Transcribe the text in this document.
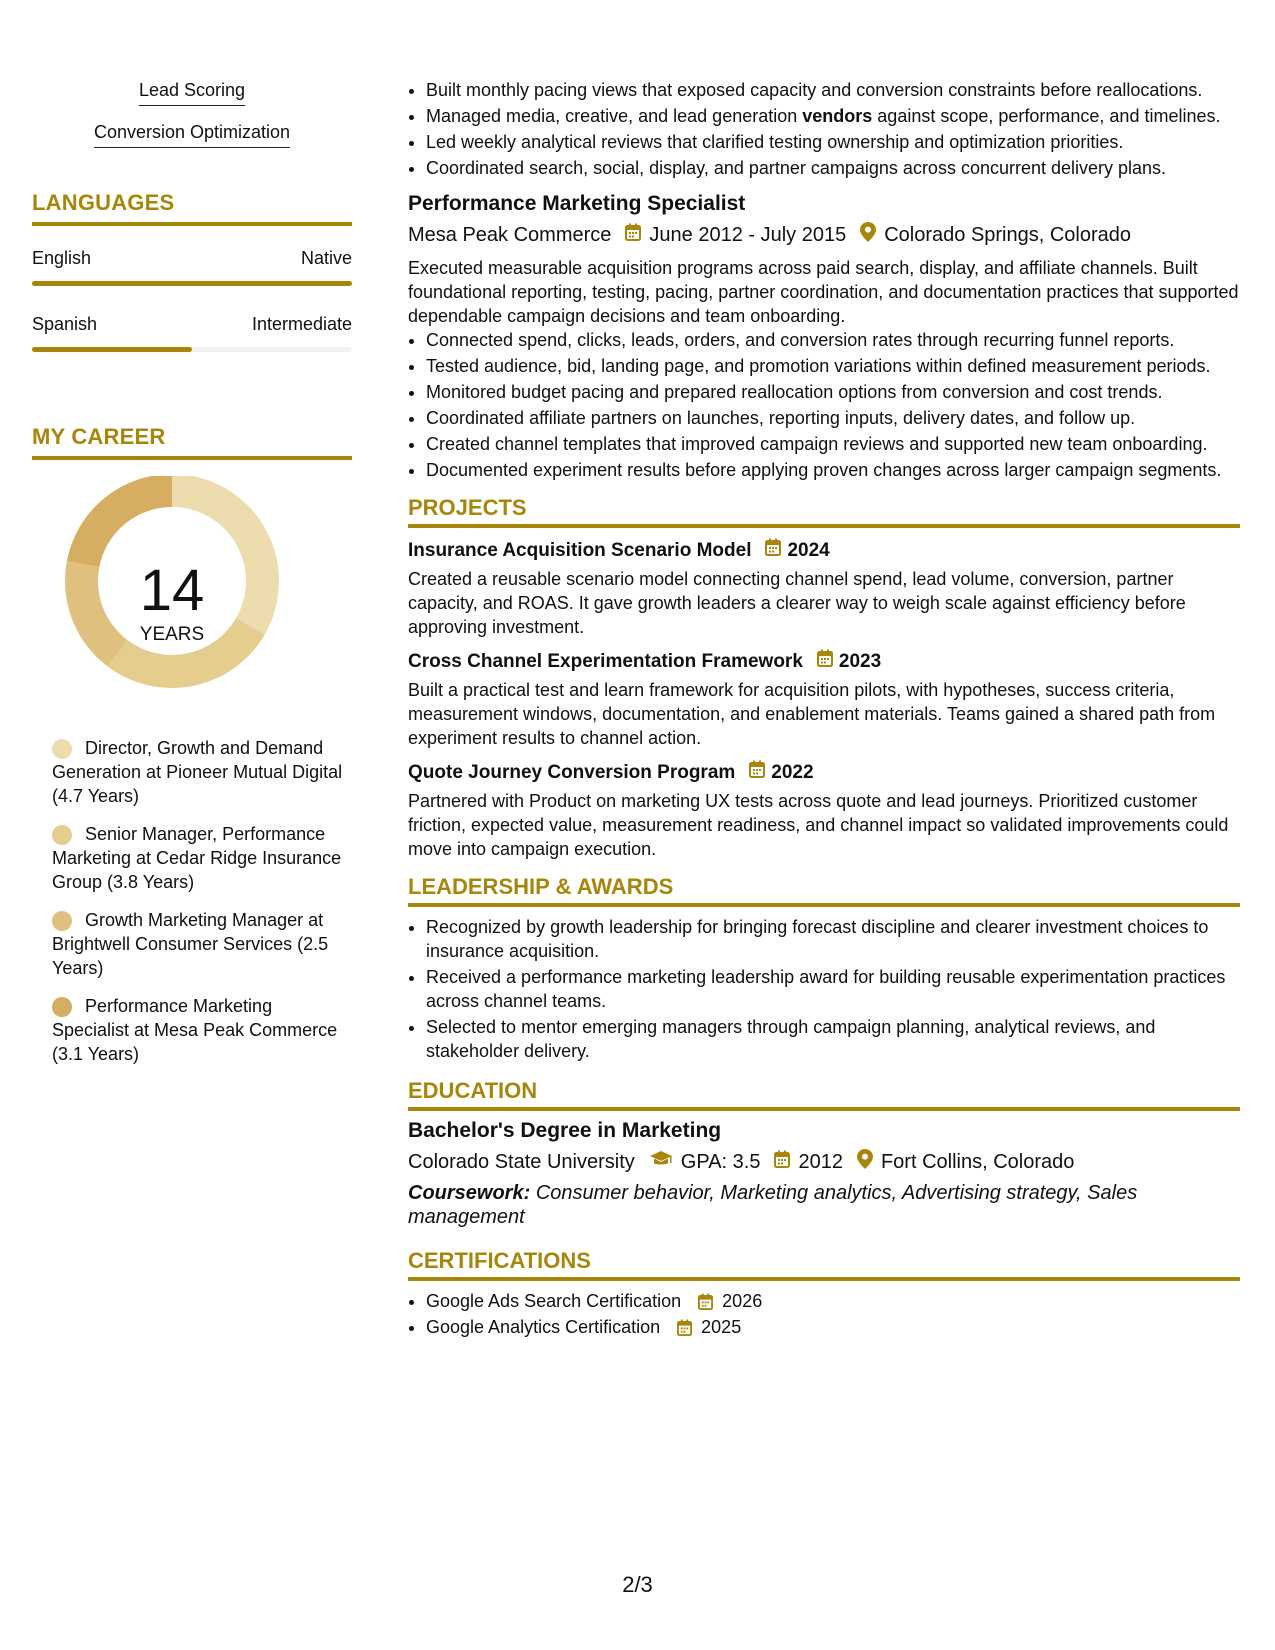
Lead Scoring
Conversion Optimization
LANGUAGES
English	Native
Spanish	Intermediate
MY CAREER
14
YEARS
Director, Growth and Demand Generation at Pioneer Mutual Digital (4.7 Years)
Senior Manager, Performance Marketing at Cedar Ridge Insurance Group (3.8 Years)
Growth Marketing Manager at Brightwell Consumer Services (2.5 Years)
Performance Marketing Specialist at Mesa Peak Commerce (3.1 Years)
• Built monthly pacing views that exposed capacity and conversion constraints before reallocations.
• Managed media, creative, and lead generation vendors against scope, performance, and timelines.
• Led weekly analytical reviews that clarified testing ownership and optimization priorities.
• Coordinated search, social, display, and partner campaigns across concurrent delivery plans.
Performance Marketing Specialist
Mesa Peak Commerce June 2012 - July 2015 Colorado Springs, Colorado
Executed measurable acquisition programs across paid search, display, and affiliate channels. Built foundational reporting, testing, pacing, partner coordination, and documentation practices that supported dependable campaign decisions and team onboarding.
• Connected spend, clicks, leads, orders, and conversion rates through recurring funnel reports.
• Tested audience, bid, landing page, and promotion variations within defined measurement periods.
• Monitored budget pacing and prepared reallocation options from conversion and cost trends.
• Coordinated affiliate partners on launches, reporting inputs, delivery dates, and follow up.
• Created channel templates that improved campaign reviews and supported new team onboarding.
• Documented experiment results before applying proven changes across larger campaign segments.
PROJECTS
Insurance Acquisition Scenario Model 2024
Created a reusable scenario model connecting channel spend, lead volume, conversion, partner capacity, and ROAS. It gave growth leaders a clearer way to weigh scale against efficiency before approving investment.
Cross Channel Experimentation Framework 2023
Built a practical test and learn framework for acquisition pilots, with hypotheses, success criteria, measurement windows, documentation, and enablement materials. Teams gained a shared path from experiment results to channel action.
Quote Journey Conversion Program 2022
Partnered with Product on marketing UX tests across quote and lead journeys. Prioritized customer friction, expected value, measurement readiness, and channel impact so validated improvements could move into campaign execution.
LEADERSHIP & AWARDS
• Recognized by growth leadership for bringing forecast discipline and clearer investment choices to insurance acquisition.
• Received a performance marketing leadership award for building reusable experimentation practices across channel teams.
• Selected to mentor emerging managers through campaign planning, analytical reviews, and stakeholder delivery.
EDUCATION
Bachelor's Degree in Marketing
Colorado State University GPA: 3.5 2012 Fort Collins, Colorado
Coursework: Consumer behavior, Marketing analytics, Advertising strategy, Sales management
CERTIFICATIONS
• Google Ads Search Certification 2026
• Google Analytics Certification 2025
2/3
